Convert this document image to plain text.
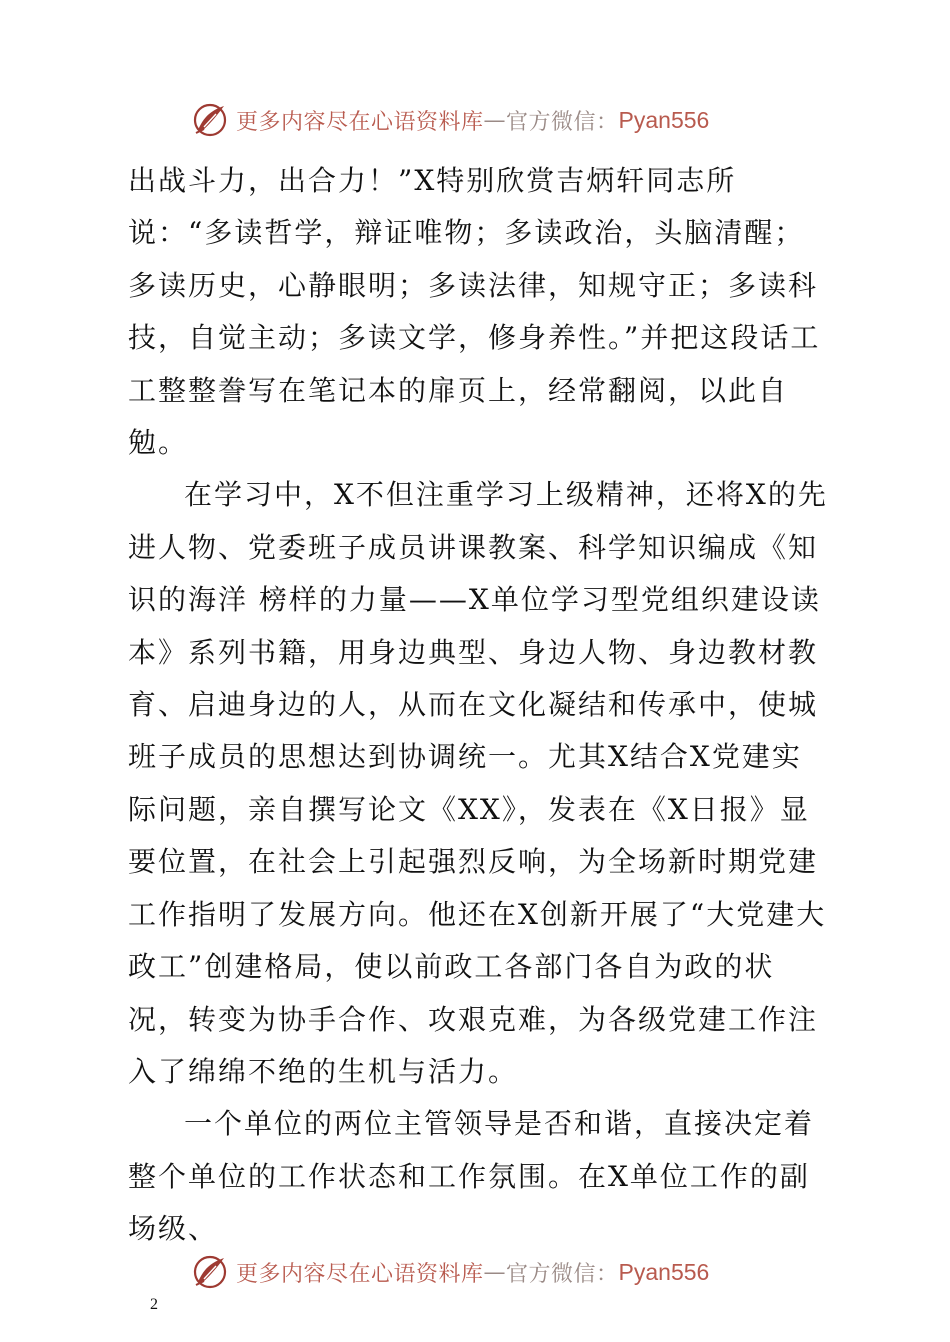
更多内容尽在心语资料库 — 官方微信： Pyan556

出战斗力，出合力！”X特别欣赏吉炳轩同志所说：“多读哲学，辩证唯物；多读政治，头脑清醒；多读历史，心静眼明；多读法律，知规守正；多读科技，自觉主动；多读文学，修身养性。”并把这段话工工整整誊写在笔记本的扉页上，经常翻阅，以此自勉。

在学习中，X不但注重学习上级精神，还将X的先进人物、党委班子成员讲课教案、科学知识编成《知识的海洋 榜样的力量——X单位学习型党组织建设读本》系列书籍，用身边典型、身边人物、身边教材教育、启迪身边的人，从而在文化凝结和传承中，使城班子成员的思想达到协调统一。尤其X结合X党建实际问题，亲自撰写论文《XX》，发表在《X日报》显要位置，在社会上引起强烈反响，为全场新时期党建工作指明了发展方向。他还在X创新开展了“大党建大政工”创建格局，使以前政工各部门各自为政的状况，转变为协手合作、攻艰克难，为各级党建工作注入了绵绵不绝的生机与活力。

一个单位的两位主管领导是否和谐，直接决定着整个单位的工作状态和工作氛围。在X单位工作的副场级、

更多内容尽在心语资料库 — 官方微信： Pyan556
2
